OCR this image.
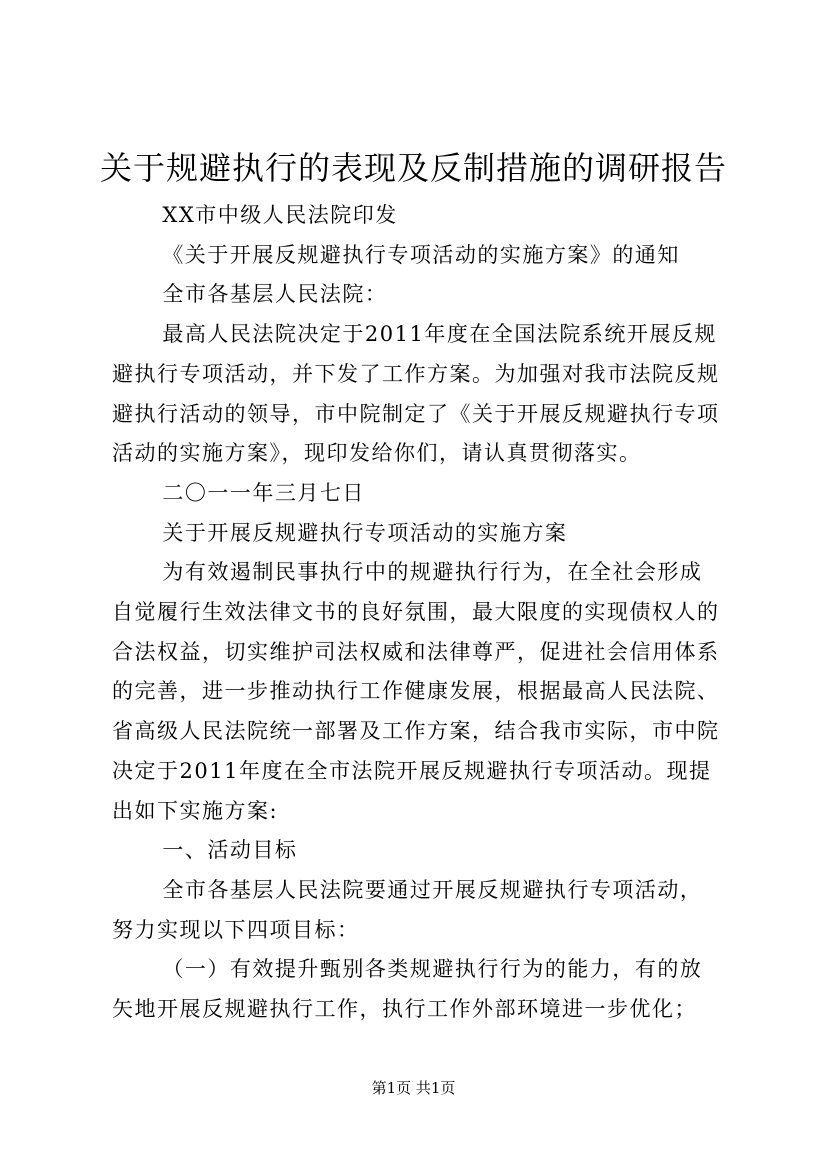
关于规避执行的表现及反制措施的调研报告

XX市中级人民法院印发

《关于开展反规避执行专项活动的实施方案》的通知

全市各基层人民法院：

最高人民法院决定于2011年度在全国法院系统开展反规避执行专项活动，并下发了工作方案。为加强对我市法院反规避执行活动的领导，市中院制定了《关于开展反规避执行专项活动的实施方案》，现印发给你们，请认真贯彻落实。

二〇一一年三月七日

关于开展反规避执行专项活动的实施方案

为有效遏制民事执行中的规避执行行为，在全社会形成自觉履行生效法律文书的良好氛围，最大限度的实现债权人的合法权益，切实维护司法权威和法律尊严，促进社会信用体系的完善，进一步推动执行工作健康发展，根据最高人民法院、省高级人民法院统一部署及工作方案，结合我市实际，市中院决定于2011年度在全市法院开展反规避执行专项活动。现提出如下实施方案:

一、活动目标

全市各基层人民法院要通过开展反规避执行专项活动，努力实现以下四项目标：

（一）有效提升甄别各类规避执行行为的能力，有的放矢地开展反规避执行工作，执行工作外部环境进一步优化；

第1页 共1页
